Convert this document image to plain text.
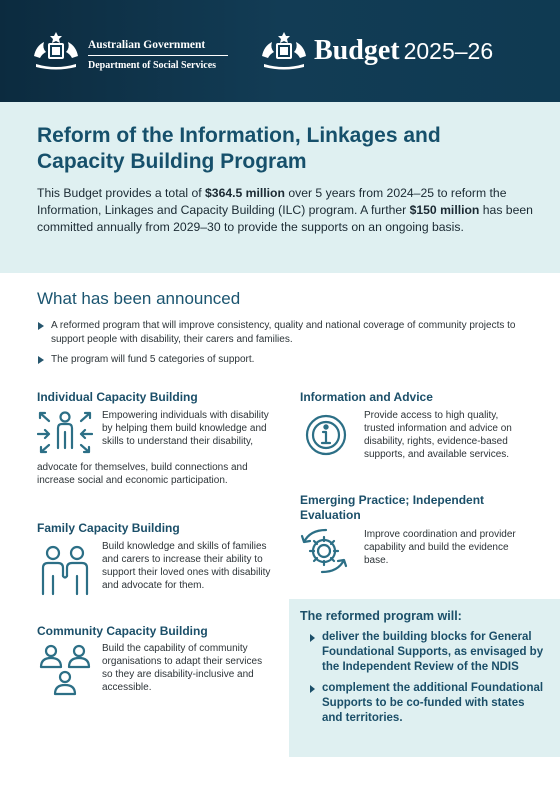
Australian Government
Department of Social Services	Budget 2025–26
Reform of the Information, Linkages and Capacity Building Program
This Budget provides a total of $364.5 million over 5 years from 2024–25 to reform the Information, Linkages and Capacity Building (ILC) program. A further $150 million has been committed annually from 2029–30 to provide the supports on an ongoing basis.
What has been announced
A reformed program that will improve consistency, quality and national coverage of community projects to support people with disability, their carers and families.
The program will fund 5 categories of support.
Individual Capacity Building
Empowering individuals with disability by helping them build knowledge and skills to understand their disability,
advocate for themselves, build connections and increase social and economic participation.
Family Capacity Building
Build knowledge and skills of families and carers to increase their ability to support their loved ones with disability and advocate for them.
Community Capacity Building
Build the capability of community organisations to adapt their services so they are disability-inclusive and accessible.
Information and Advice
Provide access to high quality, trusted information and advice on disability, rights, evidence-based supports, and available services.
Emerging Practice; Independent
Evaluation
Improve coordination and provider capability and build the evidence base.
The reformed program will:
deliver the building blocks for General Foundational Supports, as envisaged by the Independent Review of the NDIS
complement the additional Foundational Supports to be co-funded with states and territories.
